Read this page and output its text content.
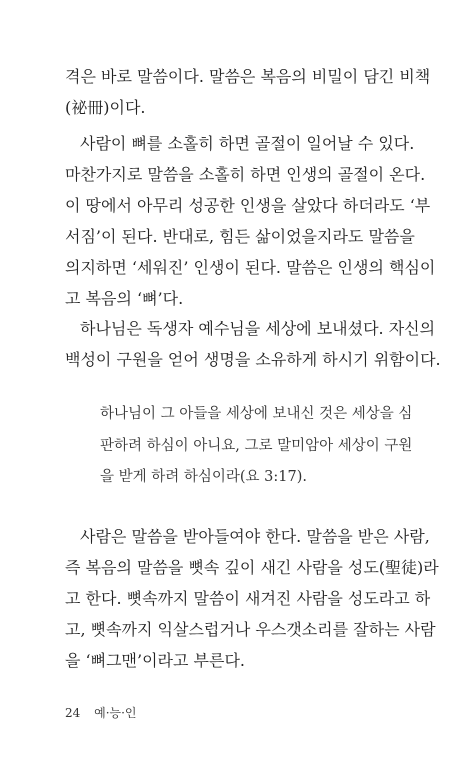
격은 바로 말씀이다. 말씀은 복음의 비밀이 담긴 비책
(祕冊)이다.
사람이 뼈를 소홀히 하면 골절이 일어날 수 있다.
마찬가지로 말씀을 소홀히 하면 인생의 골절이 온다.
이 땅에서 아무리 성공한 인생을 살았다 하더라도 ‘부
서짐’이 된다. 반대로, 힘든 삶이었을지라도 말씀을
의지하면 ‘세워진’ 인생이 된다. 말씀은 인생의 핵심이
고 복음의 ‘뼈’다.
하나님은 독생자 예수님을 세상에 보내셨다. 자신의
백성이 구원을 얻어 생명을 소유하게 하시기 위함이다.
하나님이 그 아들을 세상에 보내신 것은 세상을 심
판하려 하심이 아니요, 그로 말미암아 세상이 구원
을 받게 하려 하심이라(요 3:17).
사람은 말씀을 받아들여야 한다. 말씀을 받은 사람,
즉 복음의 말씀을 뼛속 깊이 새긴 사람을 성도(聖徒)라
고 한다. 뼛속까지 말씀이 새겨진 사람을 성도라고 하
고, 뼛속까지 익살스럽거나 우스갯소리를 잘하는 사람
을 ‘뼈그맨’이라고 부른다.
24 예·능·인
